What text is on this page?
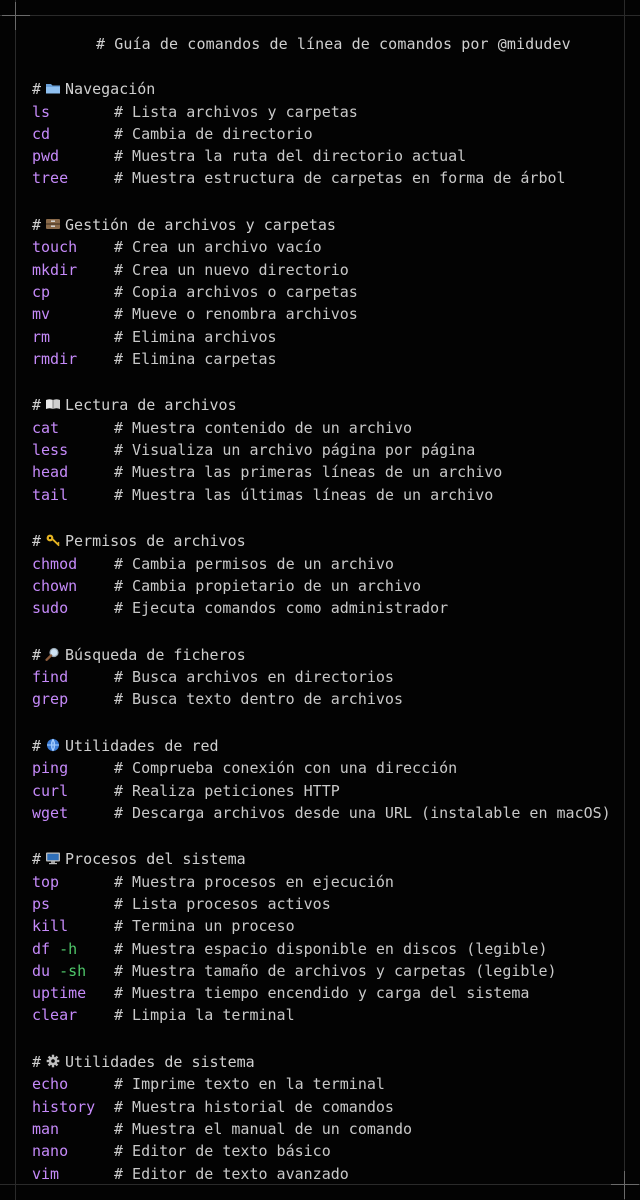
# Guía de comandos de línea de comandos por @midudev
# Navegación
ls	# Lista archivos y carpetas
cd	# Cambia de directorio
pwd	# Muestra la ruta del directorio actual
tree	# Muestra estructura de carpetas en forma de árbol
# Gestión de archivos y carpetas
touch	# Crea un archivo vacío
mkdir	# Crea un nuevo directorio
cp	# Copia archivos o carpetas
mv	# Mueve o renombra archivos
rm	# Elimina archivos
rmdir	# Elimina carpetas
# Lectura de archivos
cat	# Muestra contenido de un archivo
less	# Visualiza un archivo página por página
head	# Muestra las primeras líneas de un archivo
tail	# Muestra las últimas líneas de un archivo
# Permisos de archivos
chmod	# Cambia permisos de un archivo
chown	# Cambia propietario de un archivo
sudo	# Ejecuta comandos como administrador
# Búsqueda de ficheros
find	# Busca archivos en directorios
grep	# Busca texto dentro de archivos
# Utilidades de red
ping	# Comprueba conexión con una dirección
curl	# Realiza peticiones HTTP
wget	# Descarga archivos desde una URL (instalable en macOS)
# Procesos del sistema
top	# Muestra procesos en ejecución
ps	# Lista procesos activos
kill	# Termina un proceso
df -h	# Muestra espacio disponible en discos (legible)
du -sh	# Muestra tamaño de archivos y carpetas (legible)
uptime	# Muestra tiempo encendido y carga del sistema
clear	# Limpia la terminal
# Utilidades de sistema
echo	# Imprime texto en la terminal
history	# Muestra historial de comandos
man	# Muestra el manual de un comando
nano	# Editor de texto básico
vim	# Editor de texto avanzado
